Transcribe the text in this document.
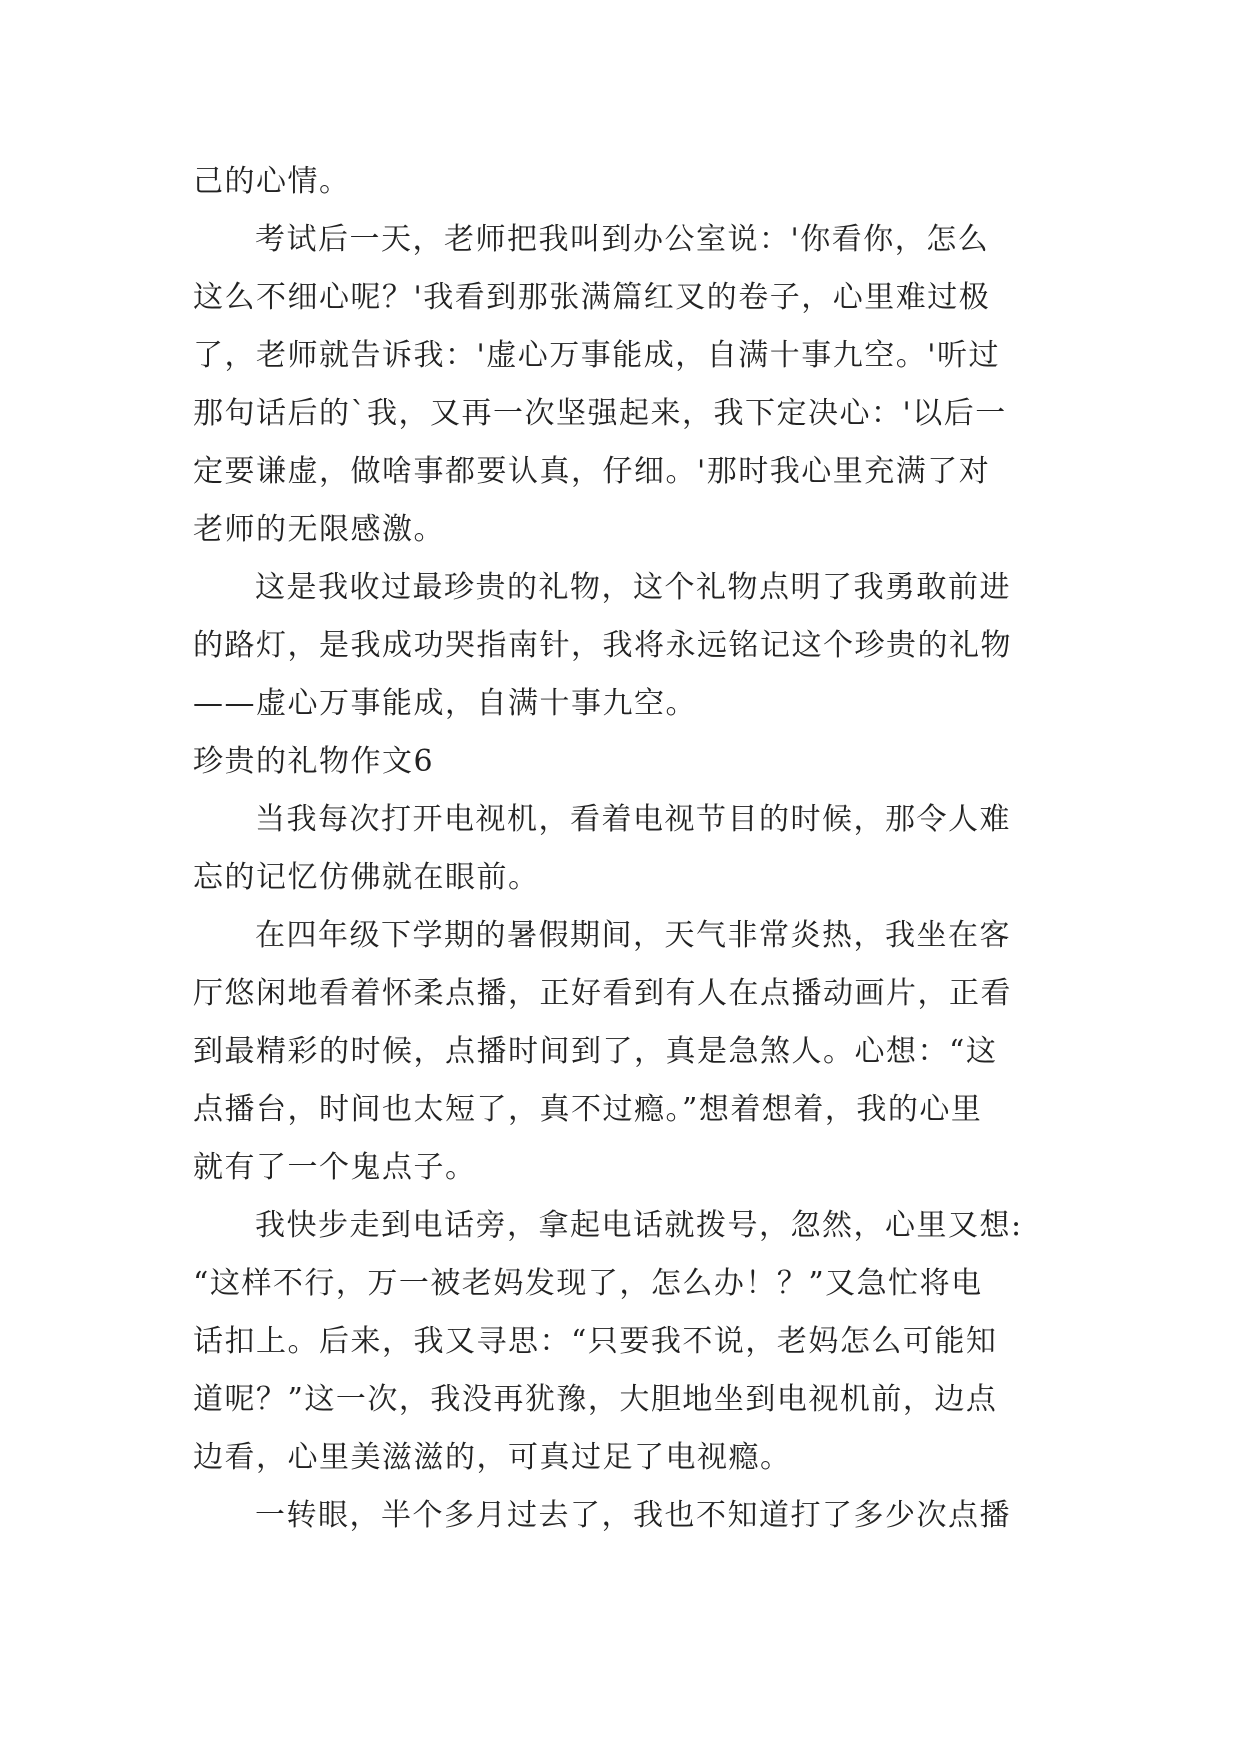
己的心情。
考试后一天，老师把我叫到办公室说：'你看你，怎么
这么不细心呢？'我看到那张满篇红叉的卷子，心里难过极
了，老师就告诉我：'虚心万事能成，自满十事九空。'听过
那句话后的`我，又再一次坚强起来，我下定决心：'以后一
定要谦虚，做啥事都要认真，仔细。'那时我心里充满了对
老师的无限感激。
这是我收过最珍贵的礼物，这个礼物点明了我勇敢前进
的路灯，是我成功哭指南针，我将永远铭记这个珍贵的礼物
——虚心万事能成，自满十事九空。
珍贵的礼物作文6
当我每次打开电视机，看着电视节目的时候，那令人难
忘的记忆仿佛就在眼前。
在四年级下学期的暑假期间，天气非常炎热，我坐在客
厅悠闲地看着怀柔点播，正好看到有人在点播动画片，正看
到最精彩的时候，点播时间到了，真是急煞人。心想：“这
点播台，时间也太短了，真不过瘾。”想着想着，我的心里
就有了一个鬼点子。
我快步走到电话旁，拿起电话就拨号，忽然，心里又想:
“这样不行，万一被老妈发现了，怎么办！？”又急忙将电
话扣上。后来，我又寻思：“只要我不说，老妈怎么可能知
道呢？”这一次，我没再犹豫，大胆地坐到电视机前，边点
边看，心里美滋滋的，可真过足了电视瘾。
一转眼，半个多月过去了，我也不知道打了多少次点播
